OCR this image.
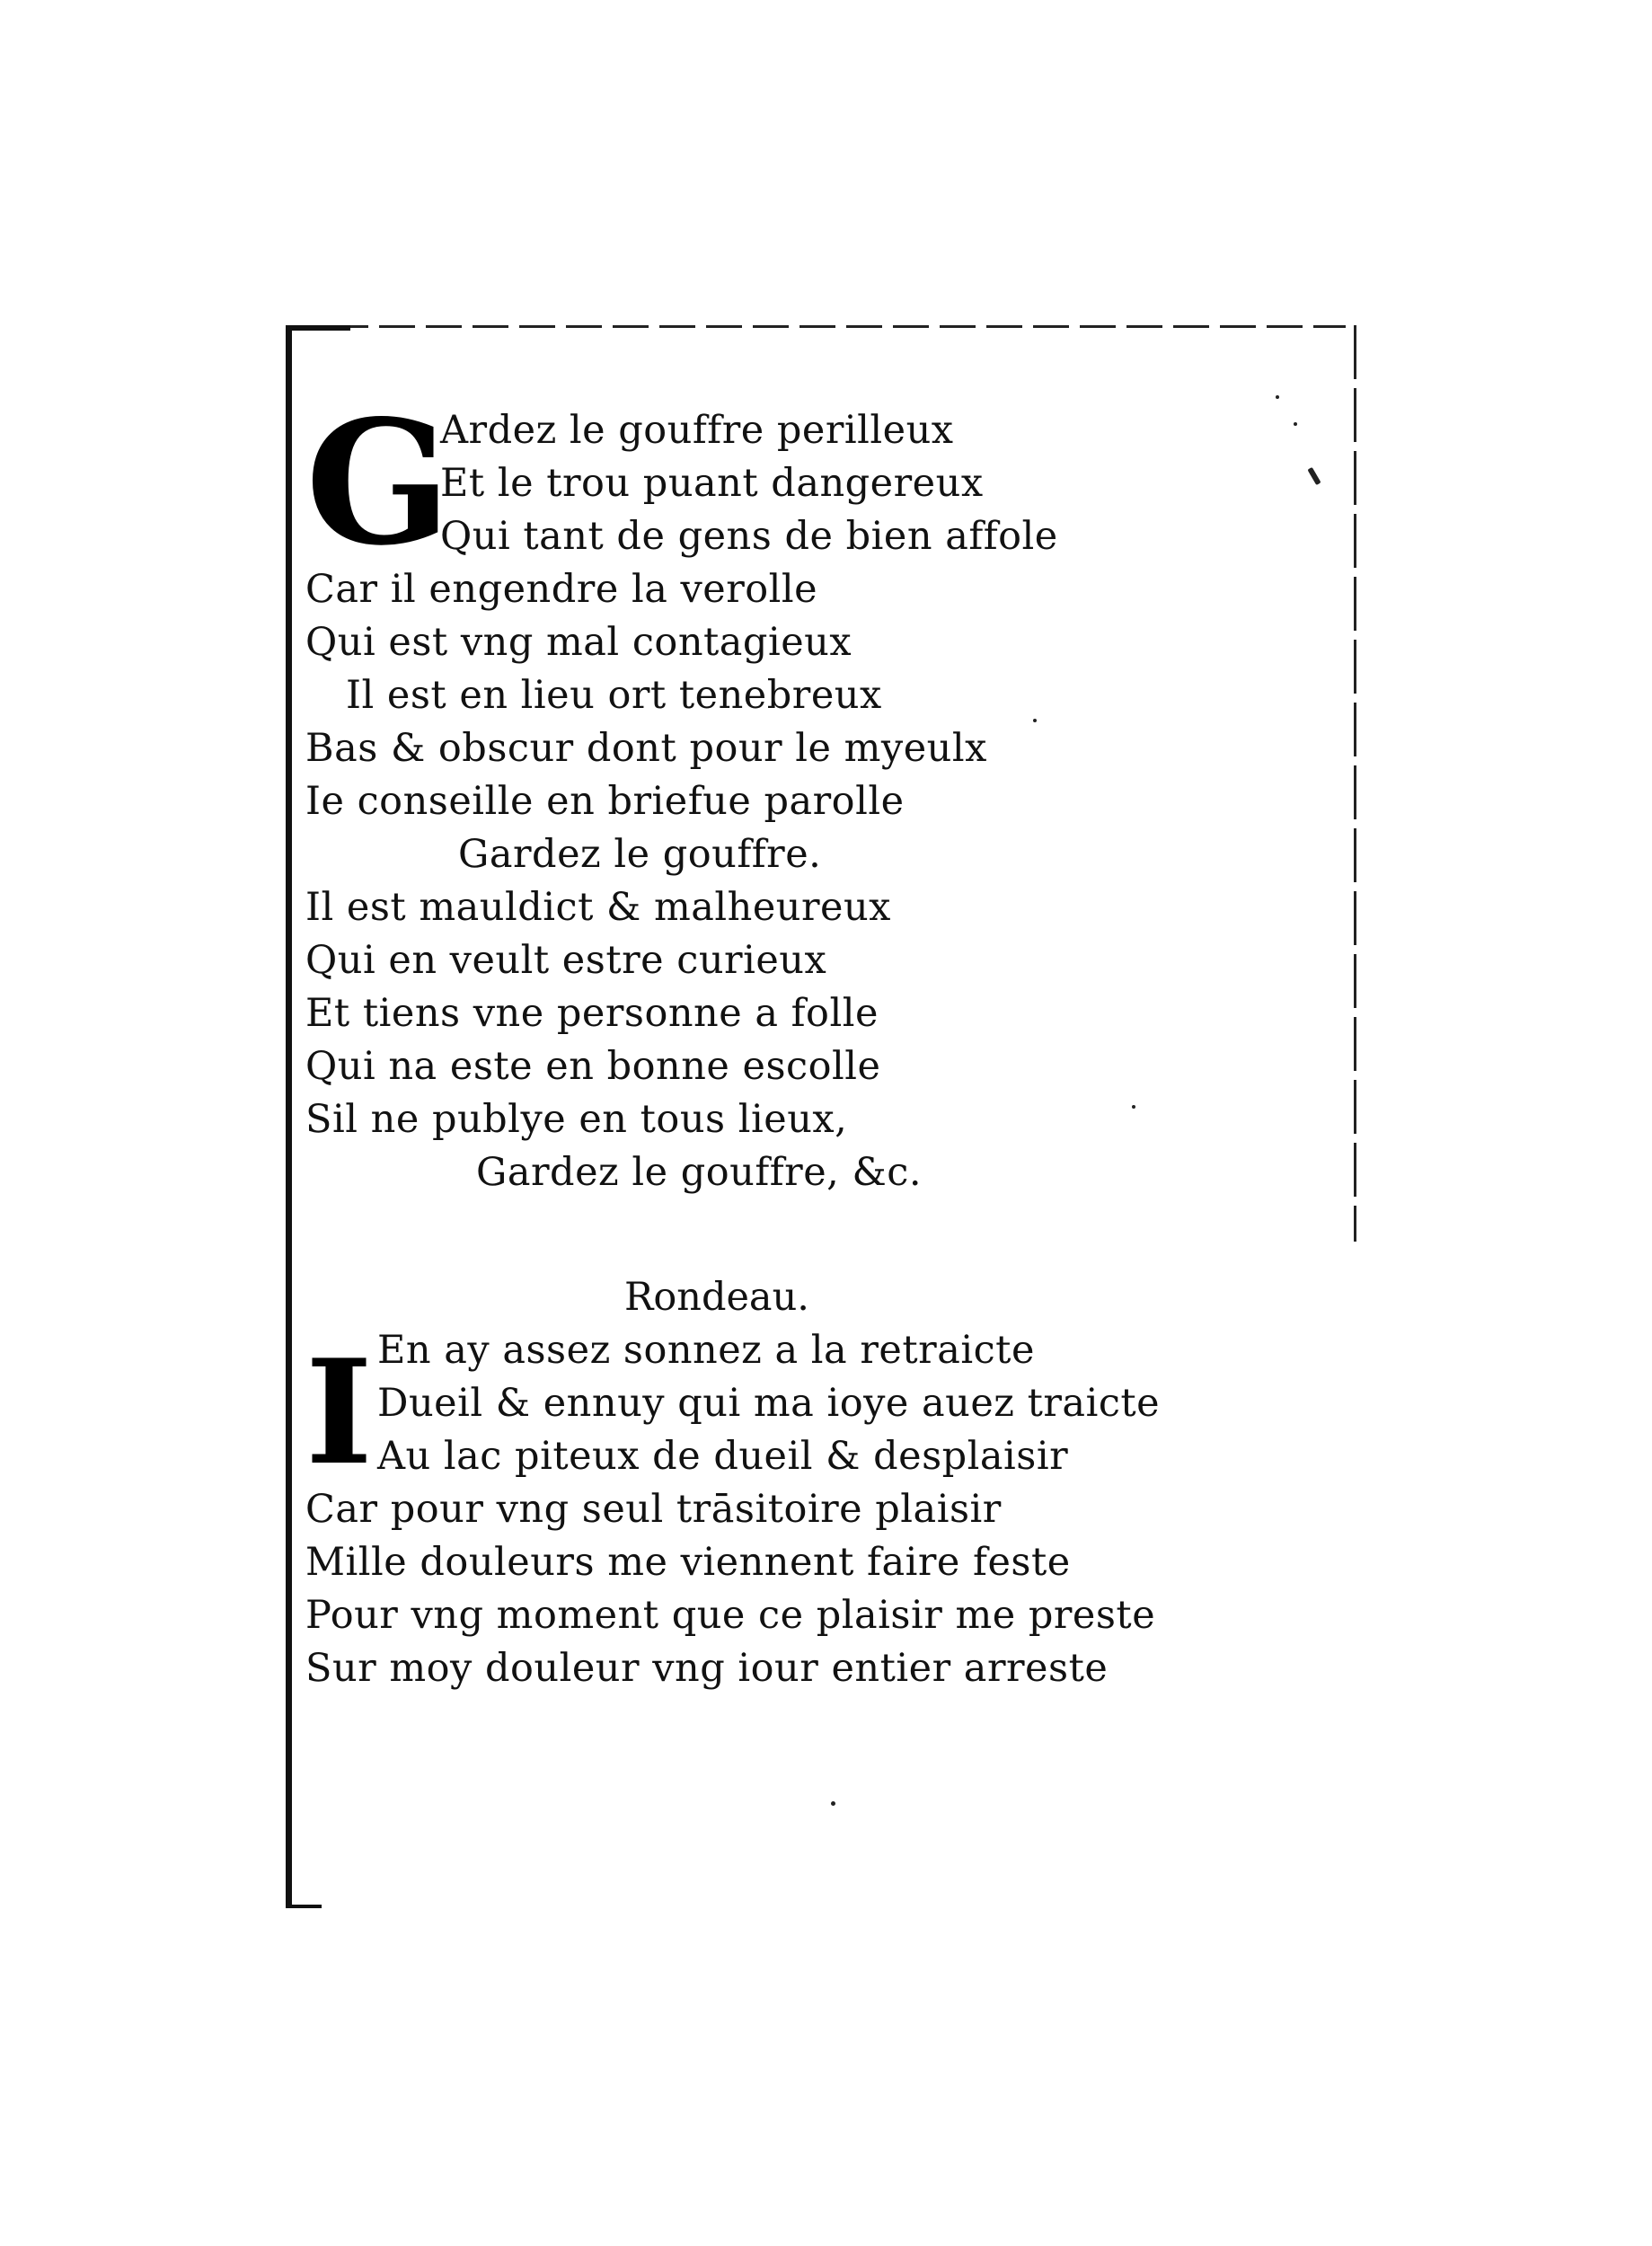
G
Ardez le gouffre perilleux
Et le trou puant dangereux
Qui tant de gens de bien affole
Car il engendre la verolle
Qui est vng mal contagieux
Il est en lieu ort tenebreux
Bas & obscur dont pour le myeulx
Ie conseille en briefue parolle
Gardez le gouffre.
Il est mauldict & malheureux
Qui en veult estre curieux
Et tiens vne personne a folle
Qui na este en bonne escolle
Sil ne publye en tous lieux,
Gardez le gouffre, &c.
Rondeau.
I En ay assez sonnez a la retraicte
Dueil & ennuy qui ma ioye auez traicte
Au lac piteux de dueil & desplaisir
Car pour vng seul trāsitoire plaisir
Mille douleurs me viennent faire feste
Pour vng moment que ce plaisir me preste
Sur moy douleur vng iour entier arreste
